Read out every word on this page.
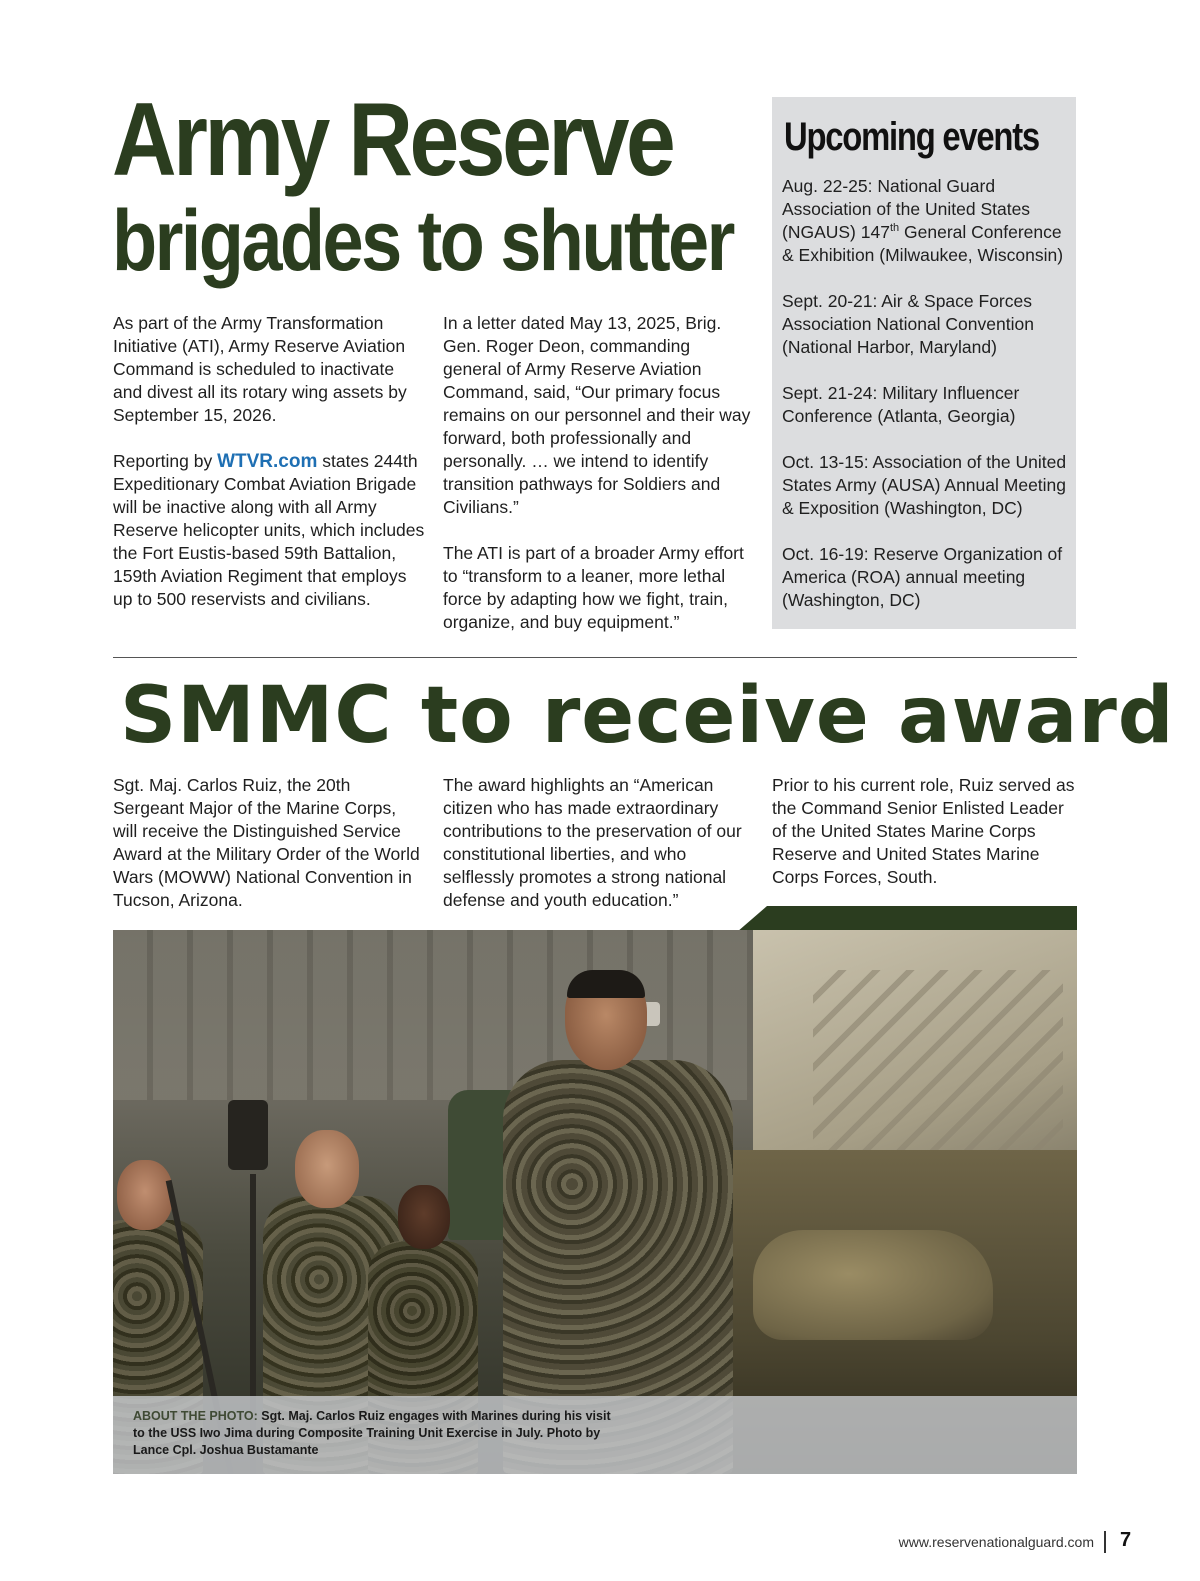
Army Reserve
brigades to shutter

As part of the Army Transformation Initiative (ATI), Army Reserve Aviation Command is scheduled to inactivate and divest all its rotary wing assets by September 15, 2026.

Reporting by WTVR.com states 244th Expeditionary Combat Aviation Brigade will be inactive along with all Army Reserve helicopter units, which includes the Fort Eustis-based 59th Battalion, 159th Aviation Regiment that employs up to 500 reservists and civilians.

In a letter dated May 13, 2025, Brig. Gen. Roger Deon, commanding general of Army Reserve Aviation Command, said, “Our primary focus remains on our personnel and their way forward, both professionally and personally. … we intend to identify transition pathways for Soldiers and Civilians.”

The ATI is part of a broader Army effort to “transform to a leaner, more lethal force by adapting how we fight, train, organize, and buy equipment.”

Upcoming events

Aug. 22-25: National Guard Association of the United States (NGAUS) 147th General Conference & Exhibition (Milwaukee, Wisconsin)

Sept. 20-21: Air & Space Forces Association National Convention (National Harbor, Maryland)

Sept. 21-24: Military Influencer Conference (Atlanta, Georgia)

Oct. 13-15: Association of the United States Army (AUSA) Annual Meeting & Exposition (Washington, DC)

Oct. 16-19: Reserve Organization of America (ROA) annual meeting (Washington, DC)

SMMC to receive award

Sgt. Maj. Carlos Ruiz, the 20th Sergeant Major of the Marine Corps, will receive the Distinguished Service Award at the Military Order of the World Wars (MOWW) National Convention in Tucson, Arizona.

The award highlights an “American citizen who has made extraordinary contributions to the preservation of our constitutional liberties, and who selflessly promotes a strong national defense and youth education.”

Prior to his current role, Ruiz served as the Command Senior Enlisted Leader of the United States Marine Corps Reserve and United States Marine Corps Forces, South.

ABOUT THE PHOTO: Sgt. Maj. Carlos Ruiz engages with Marines during his visit to the USS Iwo Jima during Composite Training Unit Exercise in July. Photo by Lance Cpl. Joshua Bustamante
www.reservenationalguard.com 7
